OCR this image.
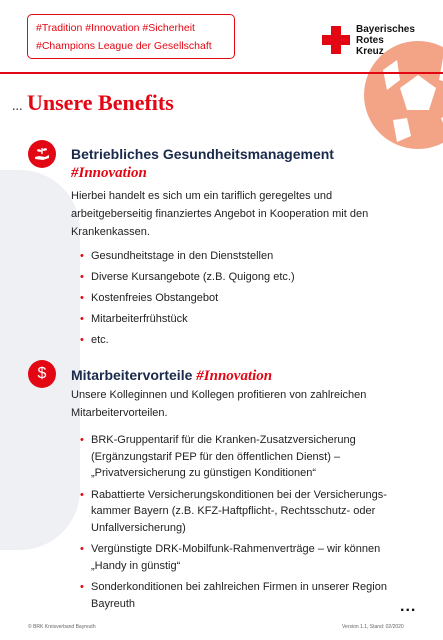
#Tradition #Innovation #Sicherheit
#Champions League der Gesellschaft
Bayerisches
Rotes
Kreuz
... Unsere Benefits
Betriebliches Gesundheitsmanagement
#Innovation
Hierbei handelt es sich um ein tariflich geregeltes und arbeitgeberseitig finanziertes Angebot in Kooperation mit den Krankenkassen.
• Gesundheitstage in den Dienststellen
• Diverse Kursangebote (z.B. Quigong etc.)
• Kostenfreies Obstangebot
• Mitarbeiterfrühstück
• etc.
$ Mitarbeitervorteile #Innovation
Unsere Kolleginnen und Kollegen profitieren von zahlreichen Mitarbeitervorteilen.
• BRK-Gruppentarif für die Kranken-Zusatzversicherung (Ergänzungstarif PEP für den öffentlichen Dienst) – „Privatversicherung zu günstigen Konditionen“
• Rabattierte Versicherungskonditionen bei der Versicherungs-kammer Bayern (z.B. KFZ-Haftpflicht-, Rechtsschutz- oder Unfallversicherung)
• Vergünstigte DRK-Mobilfunk-Rahmenverträge – wir können „Handy in günstig“
• Sonderkonditionen bei zahlreichen Firmen in unserer Region Bayreuth	...
© BRK Kreisverband Bayreuth	Version 1.1, Stand: 02/2020
